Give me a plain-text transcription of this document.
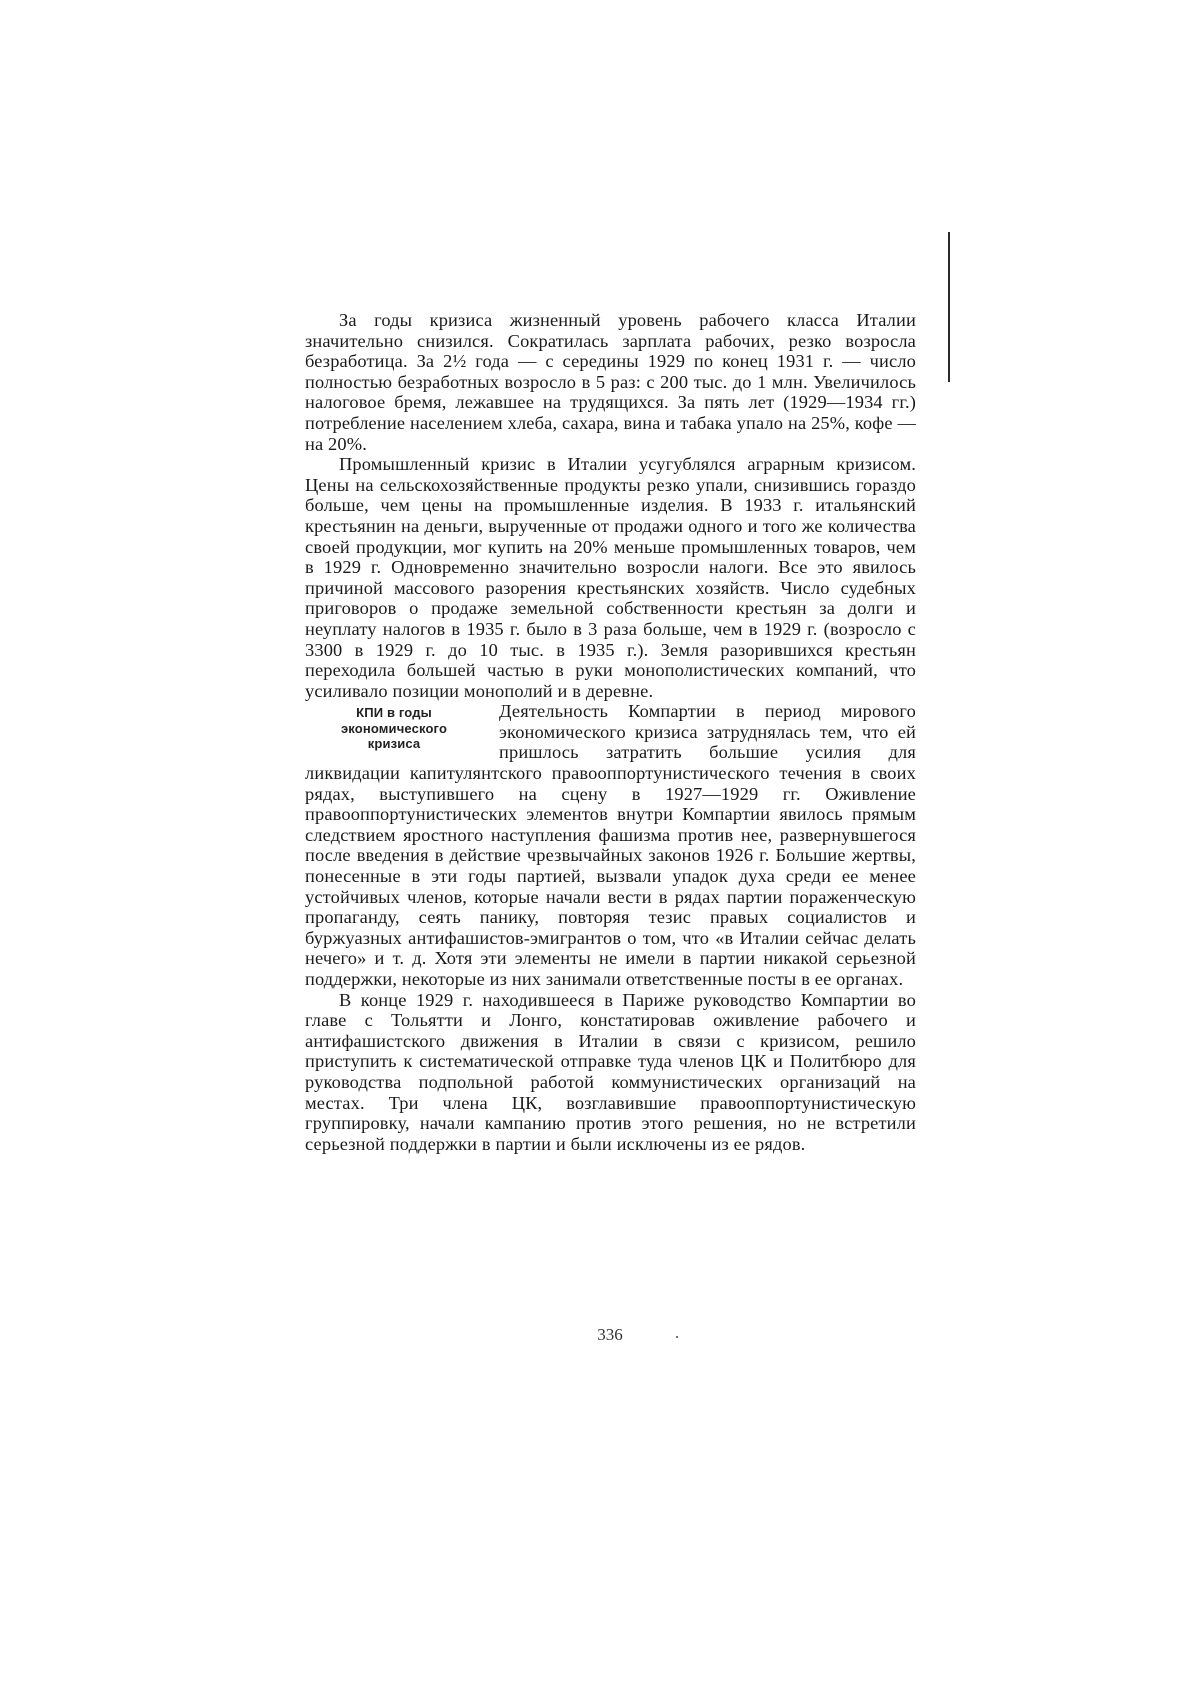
За годы кризиса жизненный уровень рабочего класса Италии значительно снизился. Сократилась зарплата рабочих, резко возросла безработица. За 2½ года — с середины 1929 по конец 1931 г. — число полностью безработных возросло в 5 раз: с 200 тыс. до 1 млн. Увеличилось налоговое бремя, лежавшее на трудящихся. За пять лет (1929—1934 гг.) потребление населением хлеба, сахара, вина и табака упало на 25%, кофе — на 20%.

Промышленный кризис в Италии усугублялся аграрным кризисом. Цены на сельскохозяйственные продукты резко упали, снизившись гораздо больше, чем цены на промышленные изделия. В 1933 г. итальянский крестьянин на деньги, вырученные от продажи одного и того же количества своей продукции, мог купить на 20% меньше промышленных товаров, чем в 1929 г. Одновременно значительно возросли налоги. Все это явилось причиной массового разорения крестьянских хозяйств. Число судебных приговоров о продаже земельной собственности крестьян за долги и неуплату налогов в 1935 г. было в 3 раза больше, чем в 1929 г. (возросло с 3300 в 1929 г. до 10 тыс. в 1935 г.). Земля разорившихся крестьян переходила большей частью в руки монополистических компаний, что усиливало позиции монополий и в деревне.

КПИ в годы
экономического
кризиса

Деятельность Компартии в период мирового экономического кризиса затруднялась тем, что ей пришлось затратить большие усилия для ликвидации капитулянтского правооппортунистического течения в своих рядах, выступившего на сцену в 1927—1929 гг. Оживление правооппортунистических элементов внутри Компартии явилось прямым следствием яростного наступления фашизма против нее, развернувшегося после введения в действие чрезвычайных законов 1926 г. Большие жертвы, понесенные в эти годы партией, вызвали упадок духа среди ее менее устойчивых членов, которые начали вести в рядах партии пораженческую пропаганду, сеять панику, повторяя тезис правых социалистов и буржуазных антифашистов-эмигрантов о том, что «в Италии сейчас делать нечего» и т. д. Хотя эти элементы не имели в партии никакой серьезной поддержки, некоторые из них занимали ответственные посты в ее органах.

В конце 1929 г. находившееся в Париже руководство Компартии во главе с Тольятти и Лонго, констатировав оживление рабочего и антифашистского движения в Италии в связи с кризисом, решило приступить к систематической отправке туда членов ЦК и Политбюро для руководства подпольной работой коммунистических организаций на местах. Три члена ЦК, возглавившие правооппортунистическую группировку, начали кампанию против этого решения, но не встретили серьезной поддержки в партии и были исключены из ее рядов.

336
